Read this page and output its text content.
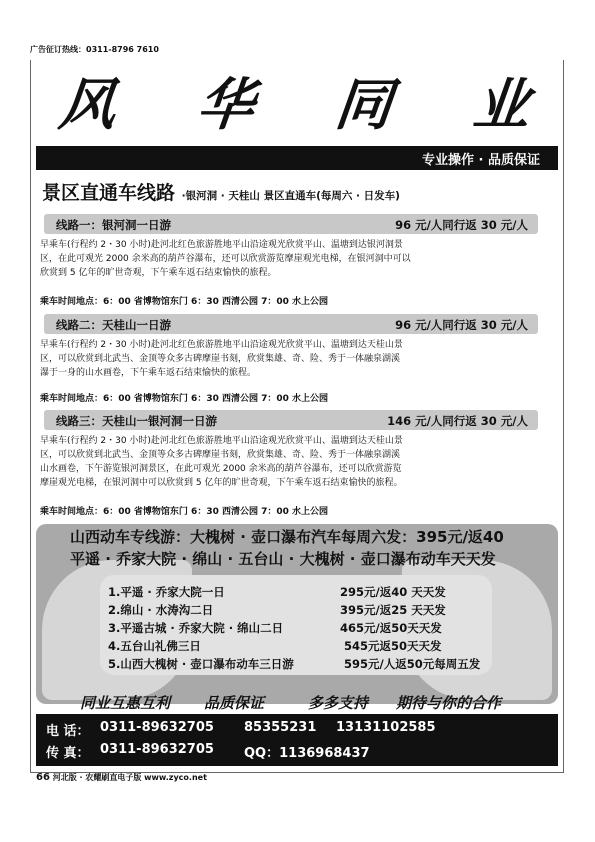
广告征订热线：0311-8796 7610
风 华 同 业
专业操作 · 品质保证
景区直通车线路 ·银河洞 · 天桂山 景区直通车(每周六 · 日发车)
线路一：银河洞一日游	96 元/人同行返 30 元/人
早乘车(行程约 2・30 小时)赴河北红色旅游胜地平山沿途观光欣赏平山、温塘到达银河洞景
区，在此可观光 2000 余米高的葫芦谷瀑布，还可以欣赏游览摩崖观光电梯，在银河洞中可以
欣赏到 5 亿年的旷世奇观，下午乘车返石结束愉快的旅程。
乘车时间地点：6：00 省博物馆东门 6：30 西清公园 7：00 水上公园
线路二：天桂山一日游	96 元/人同行返 30 元/人
早乘车(行程约 2・30 小时)赴河北红色旅游胜地平山沿途观光欣赏平山、温塘到达天桂山景
区，可以欣赏到北武当、金顶等众多古碑摩崖书刻，欣赏集雄、奇、险、秀于一体融泉湖溪
瀑于一身的山水画卷，下午乘车返石结束愉快的旅程。
乘车时间地点：6：00 省博物馆东门 6：30 西清公园 7：00 水上公园
线路三：天桂山一银河洞一日游	146 元/人同行返 30 元/人
早乘车(行程约 2・30 小时)赴河北红色旅游胜地平山沿途观光欣赏平山、温塘到达天桂山景
区，可以欣赏到北武当、金顶等众多古碑摩崖书刻，欣赏集雄、奇、险、秀于一体融泉湖溪
山水画卷，下午游览银河洞景区，在此可观光 2000 余米高的葫芦谷瀑布，还可以欣赏游览
摩崖观光电梯，在银河洞中可以欣赏到 5 亿年的旷世奇观，下午乘车返石结束愉快的旅程。
乘车时间地点：6：00 省博物馆东门 6：30 西清公园 7：00 水上公园
山西动车专线游：大槐树 · 壶口瀑布汽车每周六发：395元/返40
平遥 · 乔家大院 · 绵山 · 五台山 · 大槐树 · 壶口瀑布动车天天发
1.平遥 · 乔家大院一日	295元/返40 天天发
2.绵山 · 水涛沟二日	395元/返25 天天发
3.平遥古城 · 乔家大院 · 绵山二日	465元/返50天天发
4.五台山礼佛三日	545元返50天天发
5.山西大槐树 · 壶口瀑布动车三日游	595元/人返50元每周五发
同业互惠互利 品质保证	多多支持 期待与你的合作
电 话： 0311-89632705 85355231 13131102585
传 真： 0311-89632705 QQ：1136968437
66 河北版 · 农耀刷直电子版 www.zyco.net
